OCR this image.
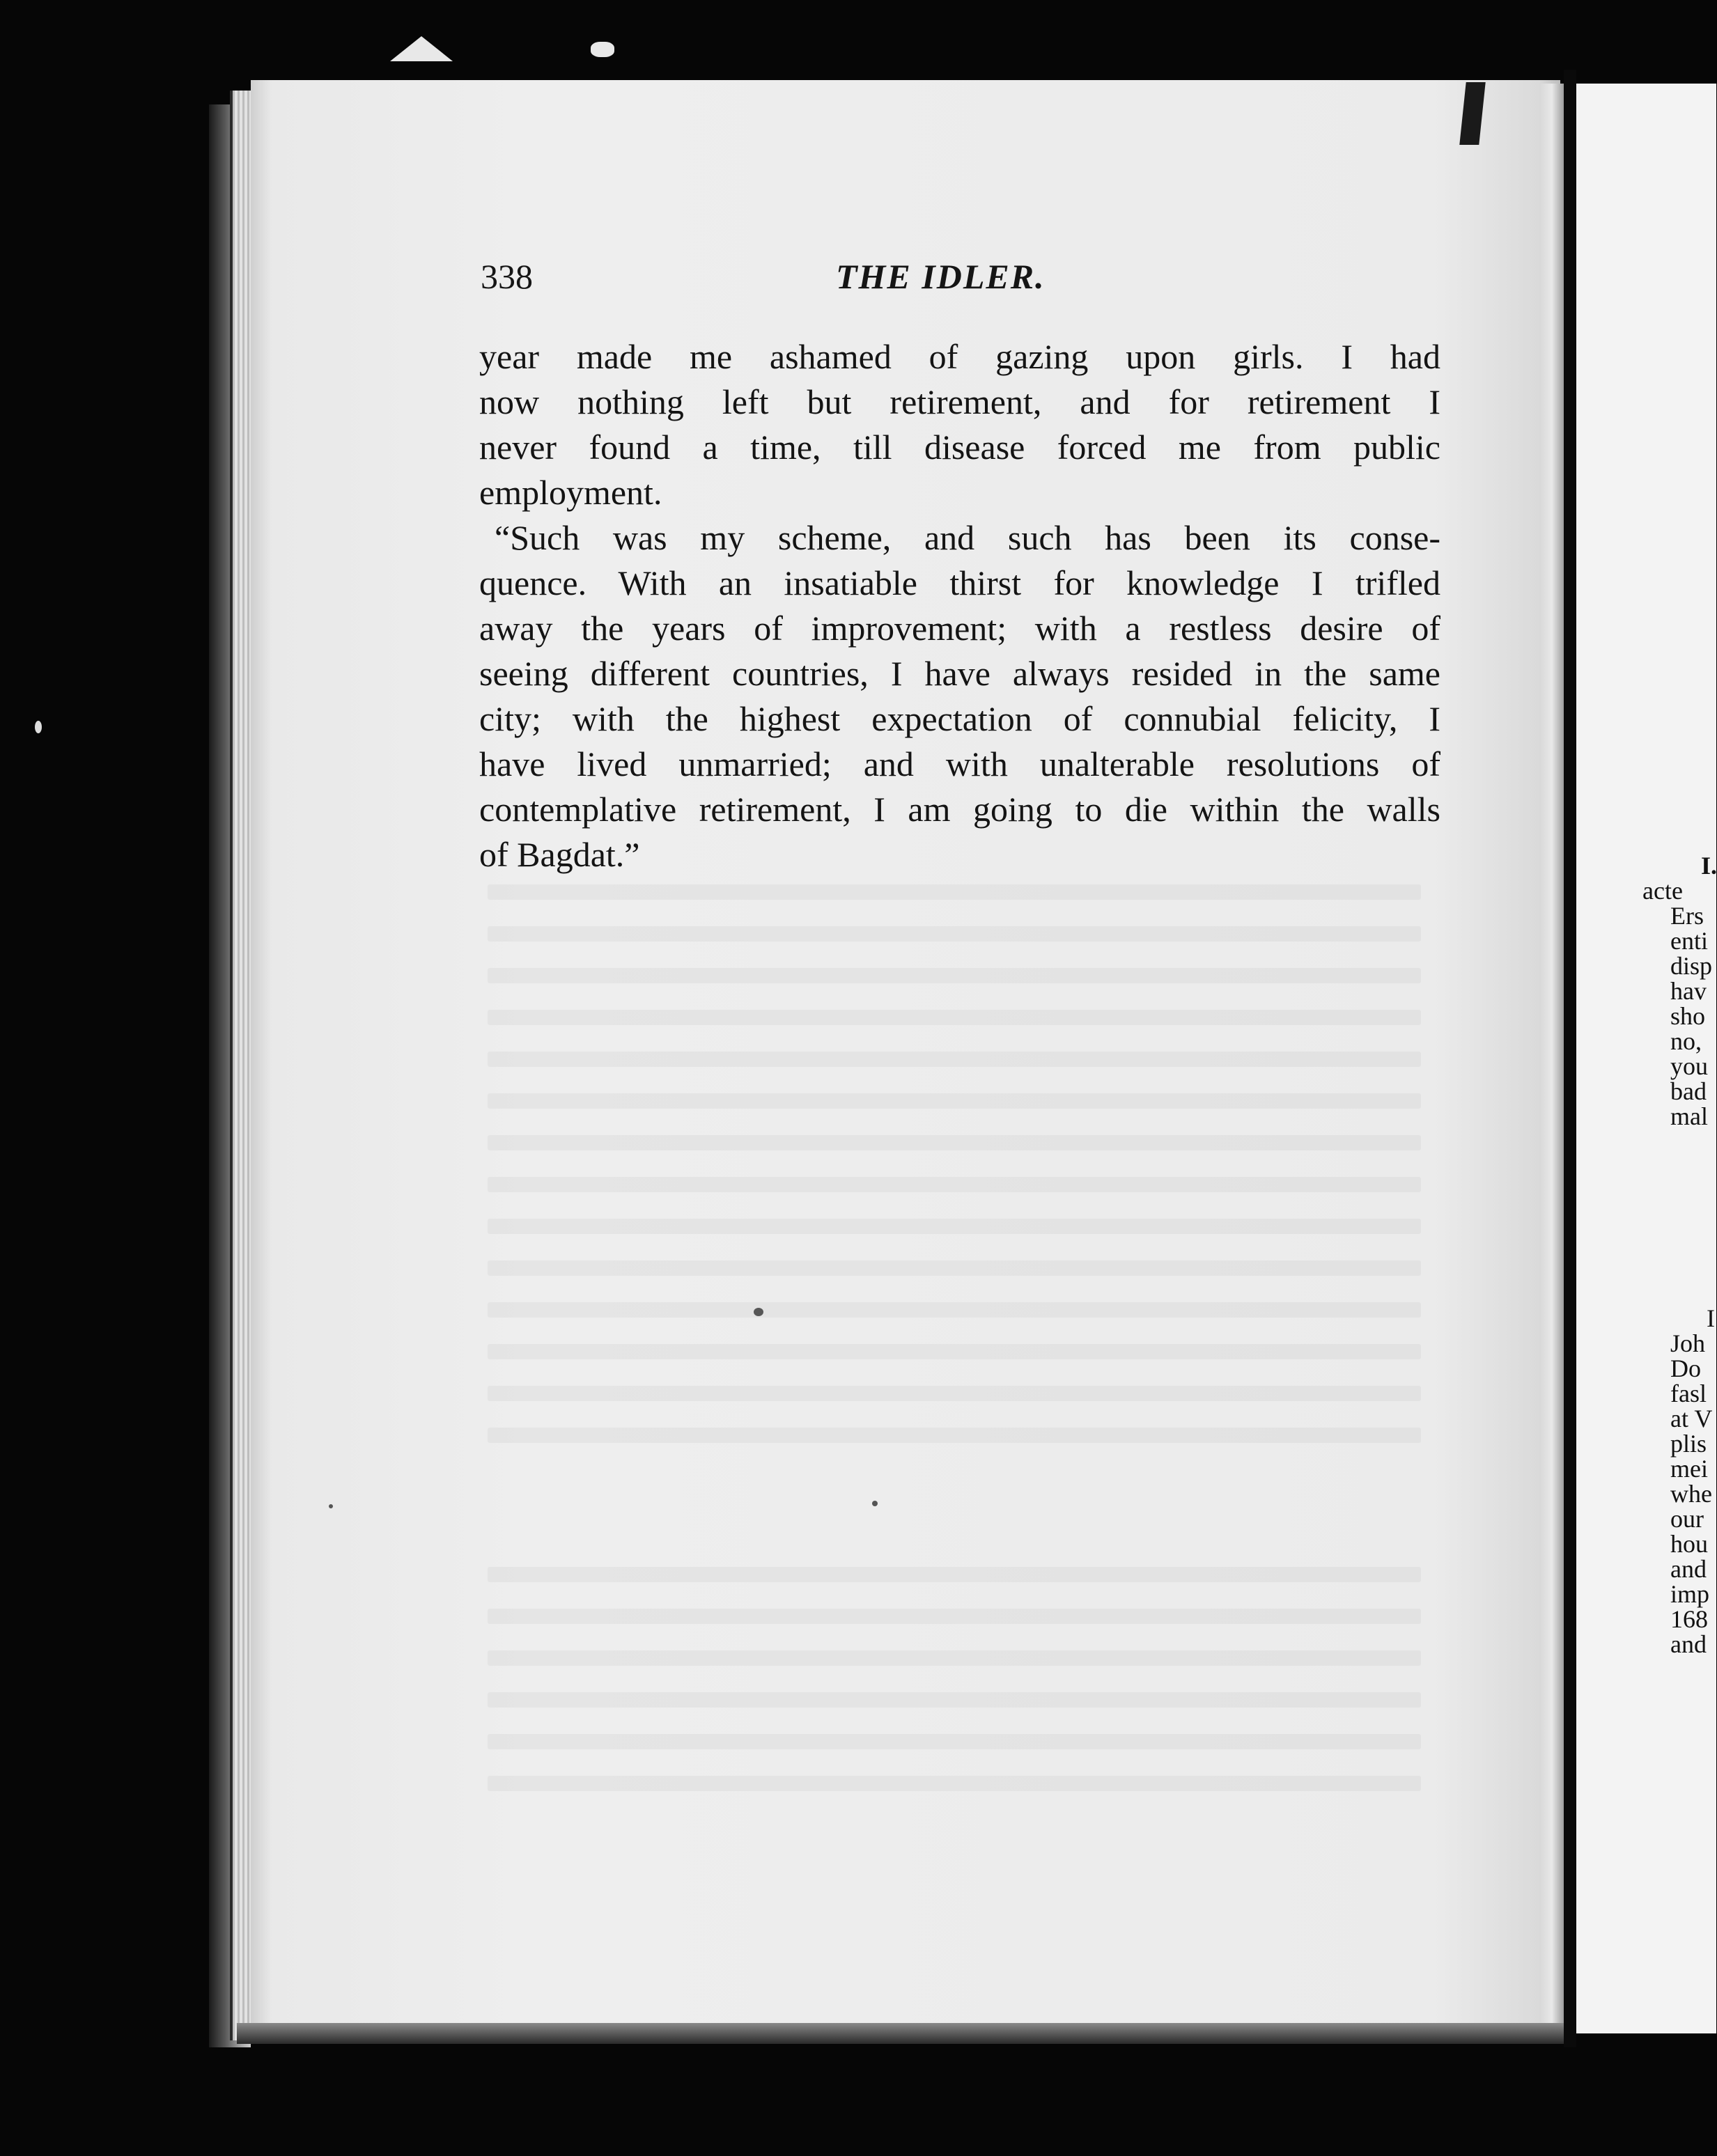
338	THE IDLER.
year made me ashamed of gazing upon girls. I had
now nothing left but retirement, and for retirement I
never found a time, till disease forced me from public
employment.
“Such was my scheme, and such has been its conse-
quence. With an insatiable thirst for knowledge I trifled
away the years of improvement; with a restless desire of
seeing different countries, I have always resided in the same
city; with the highest expectation of connubial felicity, I
have lived unmarried; and with unalterable resolutions of
contemplative retirement, I am going to die within the walls
of Bagdat.”	I.
acte
Ers
enti
disp
hav
sho
no,
you
bad
mal
I
Joh
Do
fasl
at V
plis
mei
whe
our
hou
and
imp
168
and
